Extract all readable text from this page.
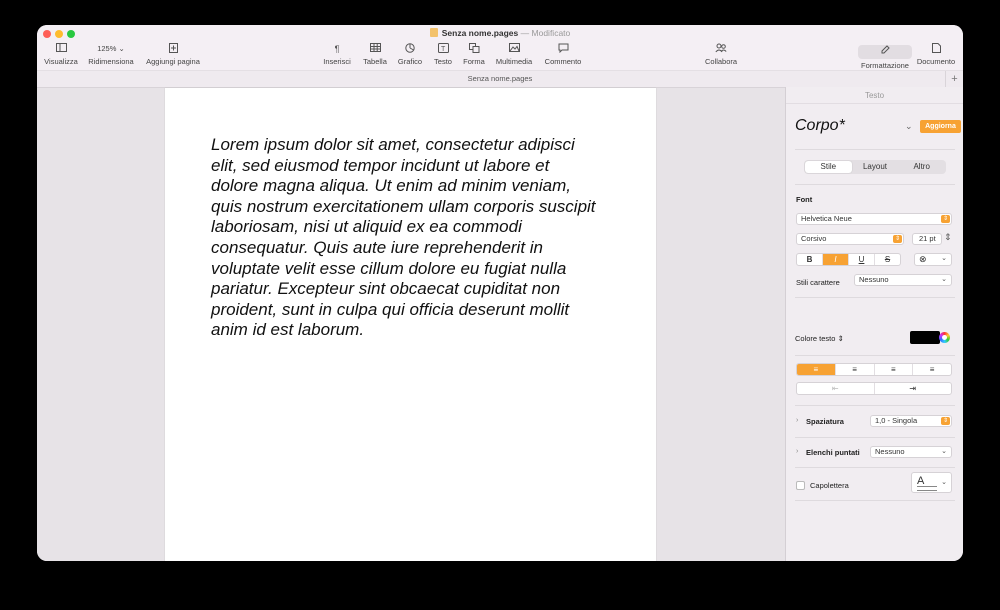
Senza nome.pages — Modificato
Visualizza
125% ⌄
Ridimensiona	Aggiungi pagina
¶
Inserisci	Tabella	Grafico
T
Testo	Forma	Multimedia	Commento	Collabora	Formattazione	Documento
Senza nome.pages	+
Lorem ipsum dolor sit amet, consectetur adipisci
elit, sed eiusmod tempor incidunt ut labore et
dolore magna aliqua. Ut enim ad minim veniam,
quis nostrum exercitationem ullam corporis suscipit
laboriosam, nisi ut aliquid ex ea commodi
consequatur. Quis aute iure reprehenderit in
voluptate velit esse cillum dolore eu fugiat nulla
pariatur. Excepteur sint obcaecat cupiditat non
proident, sunt in culpa qui officia deserunt mollit
anim id est laborum.
Testo
Corpo*	⌄	Aggiorna
Stile	Layout	Altro
Font
Helvetica Neue	⇕
Corsivo	⇕	21 pt ⇕
B	I	U	S	⊗ ⌄
Stili carattere	Nessuno	⌄
Colore testo ⇕
≡	≡	≡	≡
⇤	⇥
› Spaziatura	1,0 - Singola	⇕
› Elenchi puntati	Nessuno	⌄
Capolettera	A ⌄
